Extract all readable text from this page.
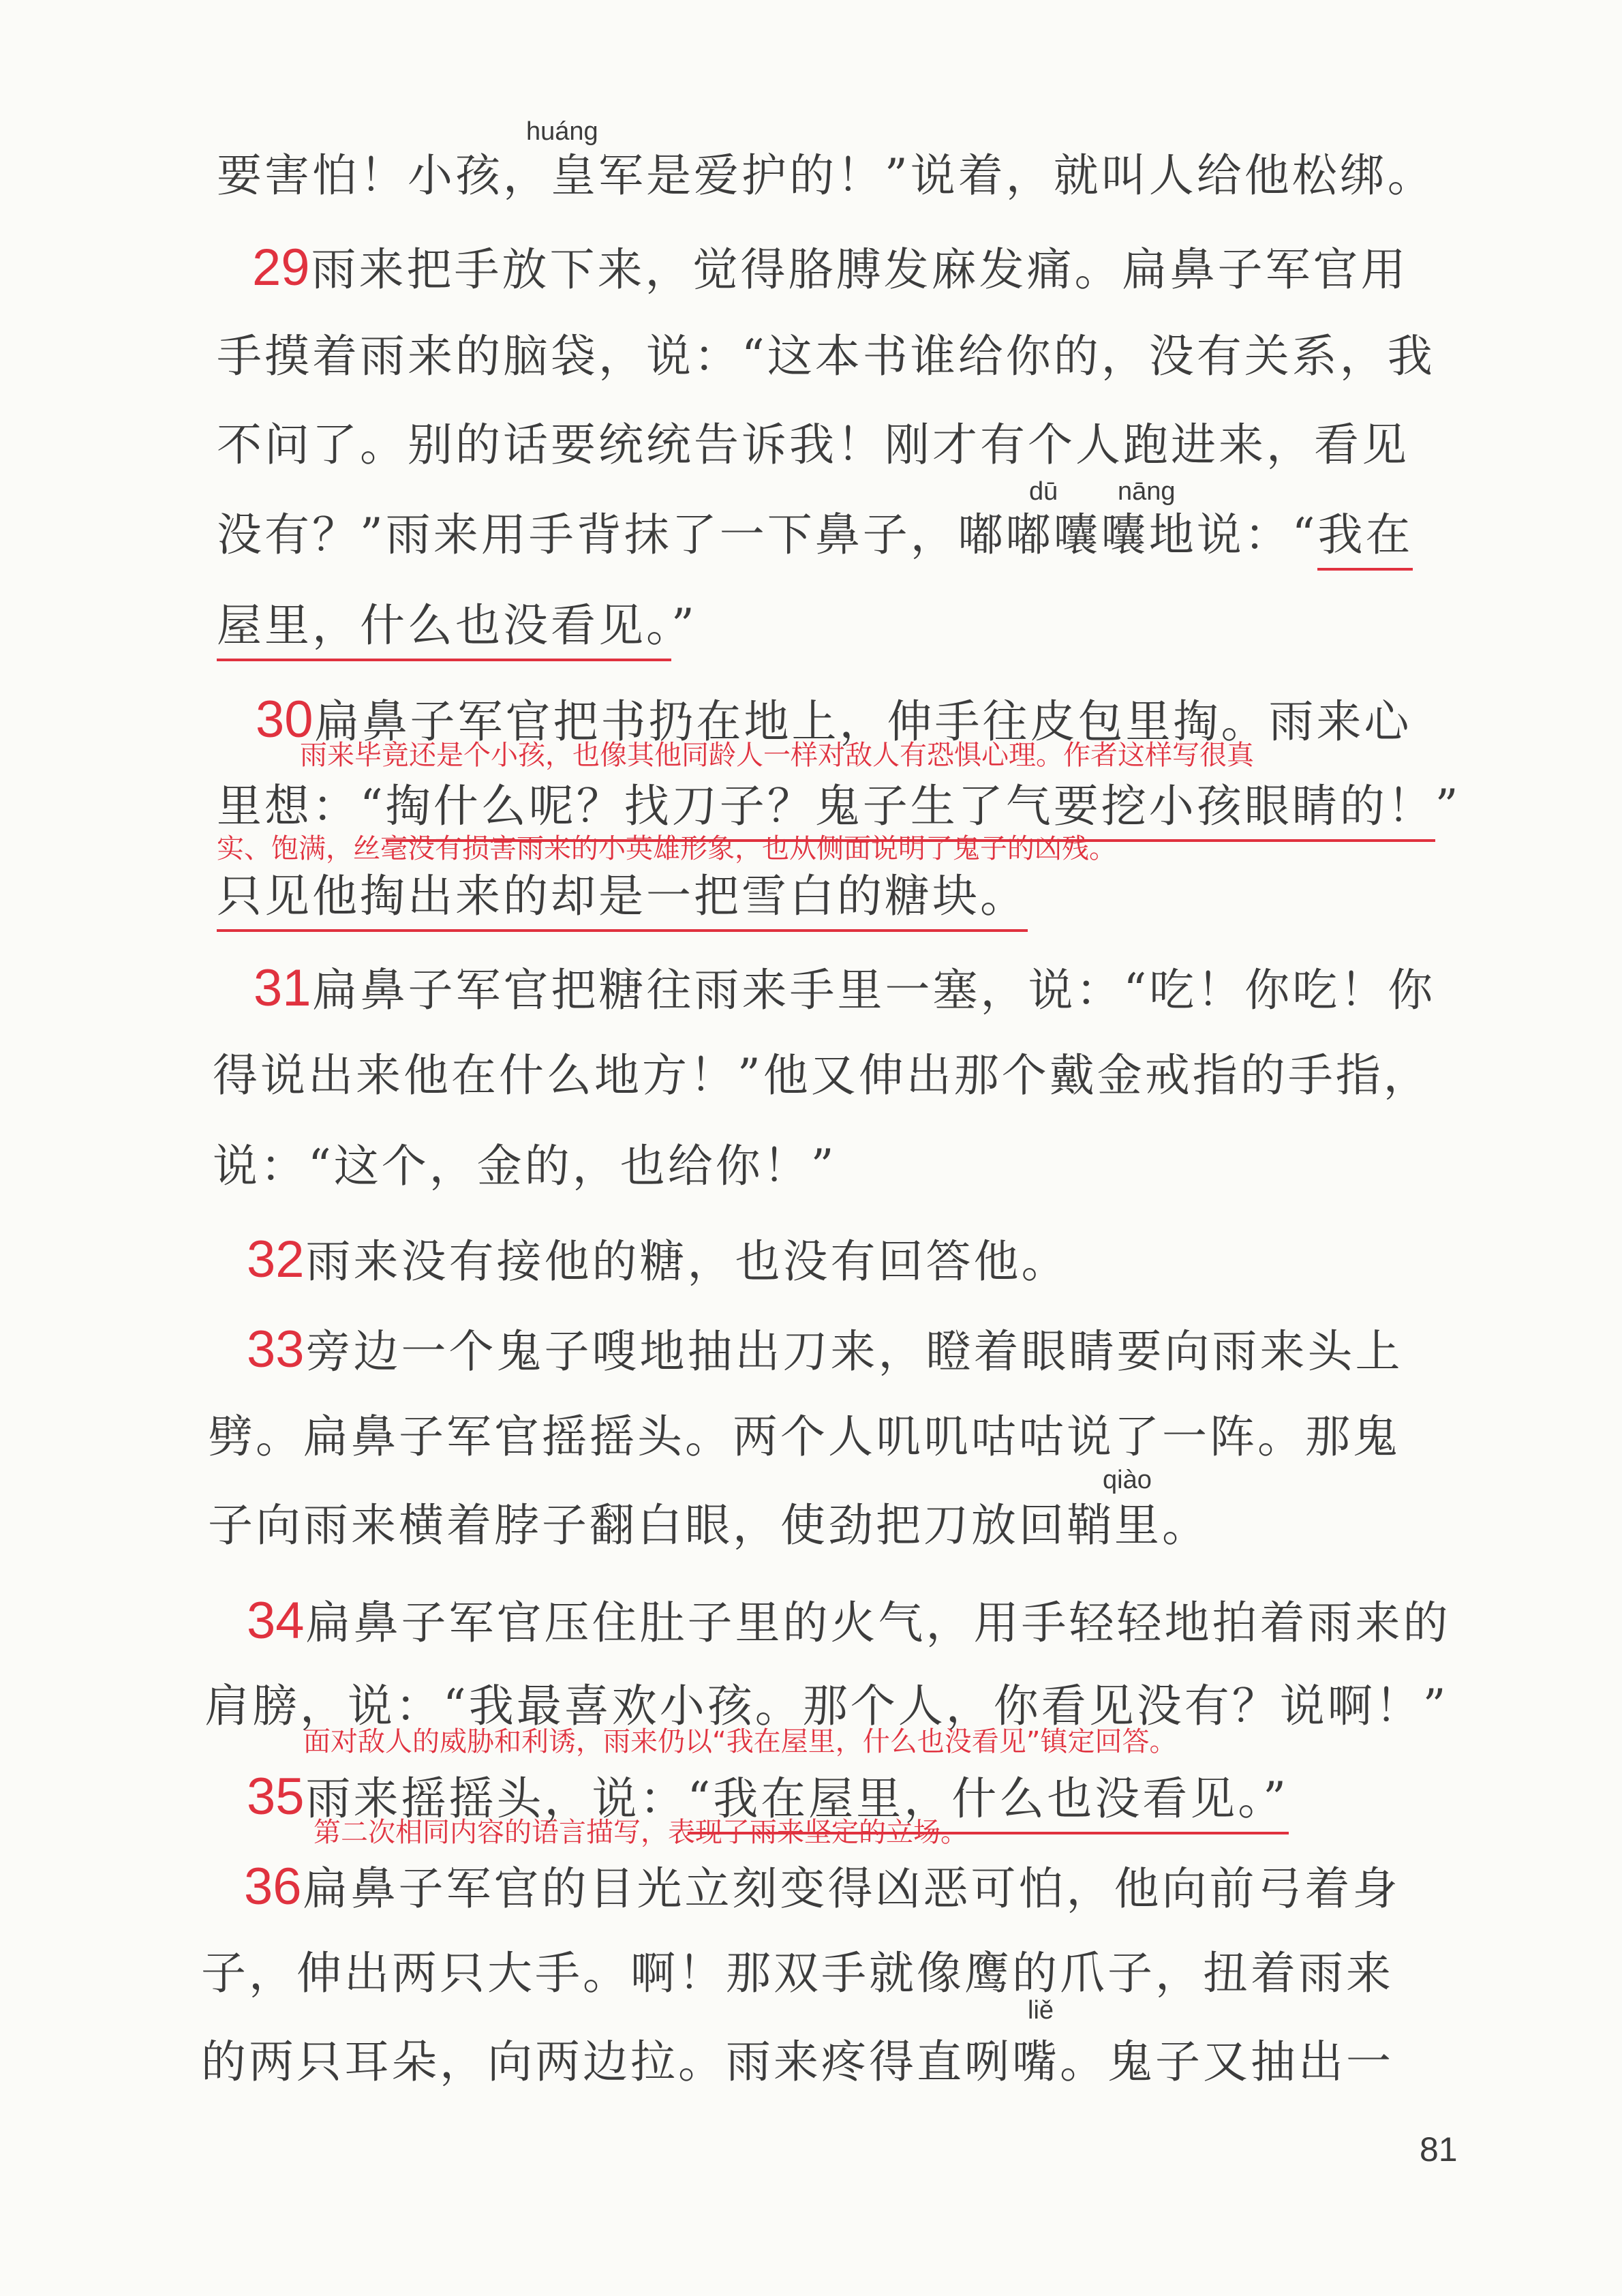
huáng
dū nāng
qiào
liě
要害怕！小孩，皇军是爱护的！”说着，就叫人给他松绑。
29雨来把手放下来，觉得胳膊发麻发痛。扁鼻子军官用
手摸着雨来的脑袋，说：“这本书谁给你的，没有关系，我
不问了。别的话要统统告诉我！刚才有个人跑进来，看见
没有？”雨来用手背抹了一下鼻子，嘟嘟囔囔地说：“我在
屋里，什么也没看见。”
30扁鼻子军官把书扔在地上，伸手往皮包里掏。雨来心
雨来毕竟还是个小孩，也像其他同龄人一样对敌人有恐惧心理。作者这样写很真
里想：“掏什么呢？找刀子？鬼子生了气要挖小孩眼睛的！”
实、饱满，丝毫没有损害雨来的小英雄形象，也从侧面说明了鬼子的凶残。
只见他掏出来的却是一把雪白的糖块。
31扁鼻子军官把糖往雨来手里一塞，说：“吃！你吃！你
得说出来他在什么地方！”他又伸出那个戴金戒指的手指，
说：“这个，金的，也给你！”
32雨来没有接他的糖，也没有回答他。
33旁边一个鬼子嗖地抽出刀来，瞪着眼睛要向雨来头上
劈。扁鼻子军官摇摇头。两个人叽叽咕咕说了一阵。那鬼
子向雨来横着脖子翻白眼，使劲把刀放回鞘里。
34扁鼻子军官压住肚子里的火气，用手轻轻地拍着雨来的
肩膀，说：“我最喜欢小孩。那个人，你看见没有？说啊！”
面对敌人的威胁和利诱，雨来仍以“我在屋里，什么也没看见”镇定回答。
35雨来摇摇头，说：“我在屋里，什么也没看见。”
第二次相同内容的语言描写，表现了雨来坚定的立场。
36扁鼻子军官的目光立刻变得凶恶可怕，他向前弓着身
子，伸出两只大手。啊！那双手就像鹰的爪子，扭着雨来
的两只耳朵，向两边拉。雨来疼得直咧嘴。鬼子又抽出一
81
